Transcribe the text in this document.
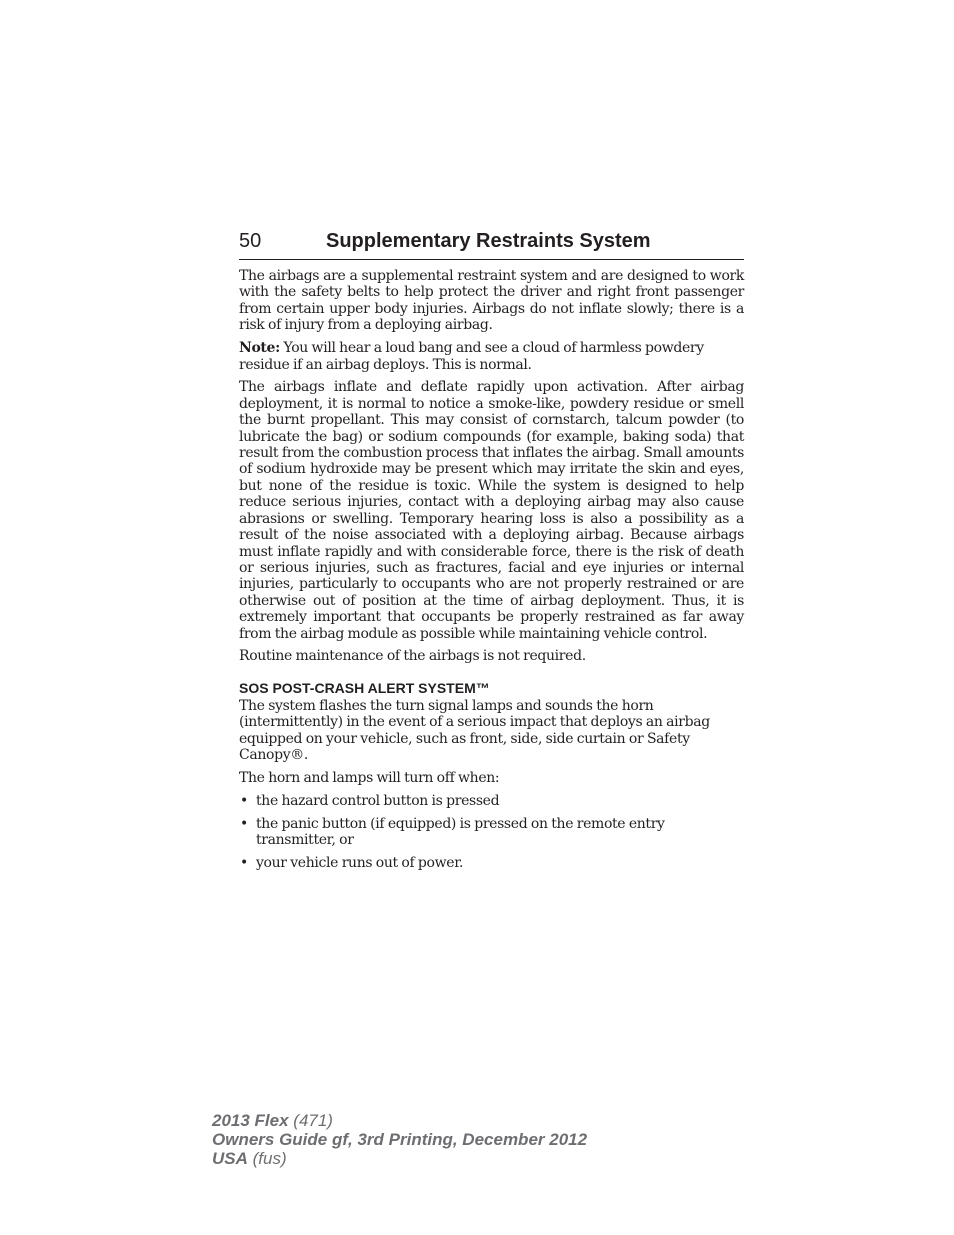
50	Supplementary Restraints System

The airbags are a supplemental restraint system and are designed to work with the safety belts to help protect the driver and right front passenger from certain upper body injuries. Airbags do not inflate slowly; there is a risk of injury from a deploying airbag.

Note: You will hear a loud bang and see a cloud of harmless powdery residue if an airbag deploys. This is normal.

The airbags inflate and deflate rapidly upon activation. After airbag deployment, it is normal to notice a smoke-like, powdery residue or smell the burnt propellant. This may consist of cornstarch, talcum powder (to lubricate the bag) or sodium compounds (for example, baking soda) that result from the combustion process that inflates the airbag. Small amounts of sodium hydroxide may be present which may irritate the skin and eyes, but none of the residue is toxic. While the system is designed to help reduce serious injuries, contact with a deploying airbag may also cause abrasions or swelling. Temporary hearing loss is also a possibility as a result of the noise associated with a deploying airbag. Because airbags must inflate rapidly and with considerable force, there is the risk of death or serious injuries, such as fractures, facial and eye injuries or internal injuries, particularly to occupants who are not properly restrained or are otherwise out of position at the time of airbag deployment. Thus, it is extremely important that occupants be properly restrained as far away from the airbag module as possible while maintaining vehicle control.

Routine maintenance of the airbags is not required.

SOS POST-CRASH ALERT SYSTEM™

The system flashes the turn signal lamps and sounds the horn (intermittently) in the event of a serious impact that deploys an airbag equipped on your vehicle, such as front, side, side curtain or Safety Canopy®.

The horn and lamps will turn off when:

• the hazard control button is pressed
• the panic button (if equipped) is pressed on the remote entry transmitter, or
• your vehicle runs out of power.
2013 Flex (471)
Owners Guide gf, 3rd Printing, December 2012
USA (fus)
